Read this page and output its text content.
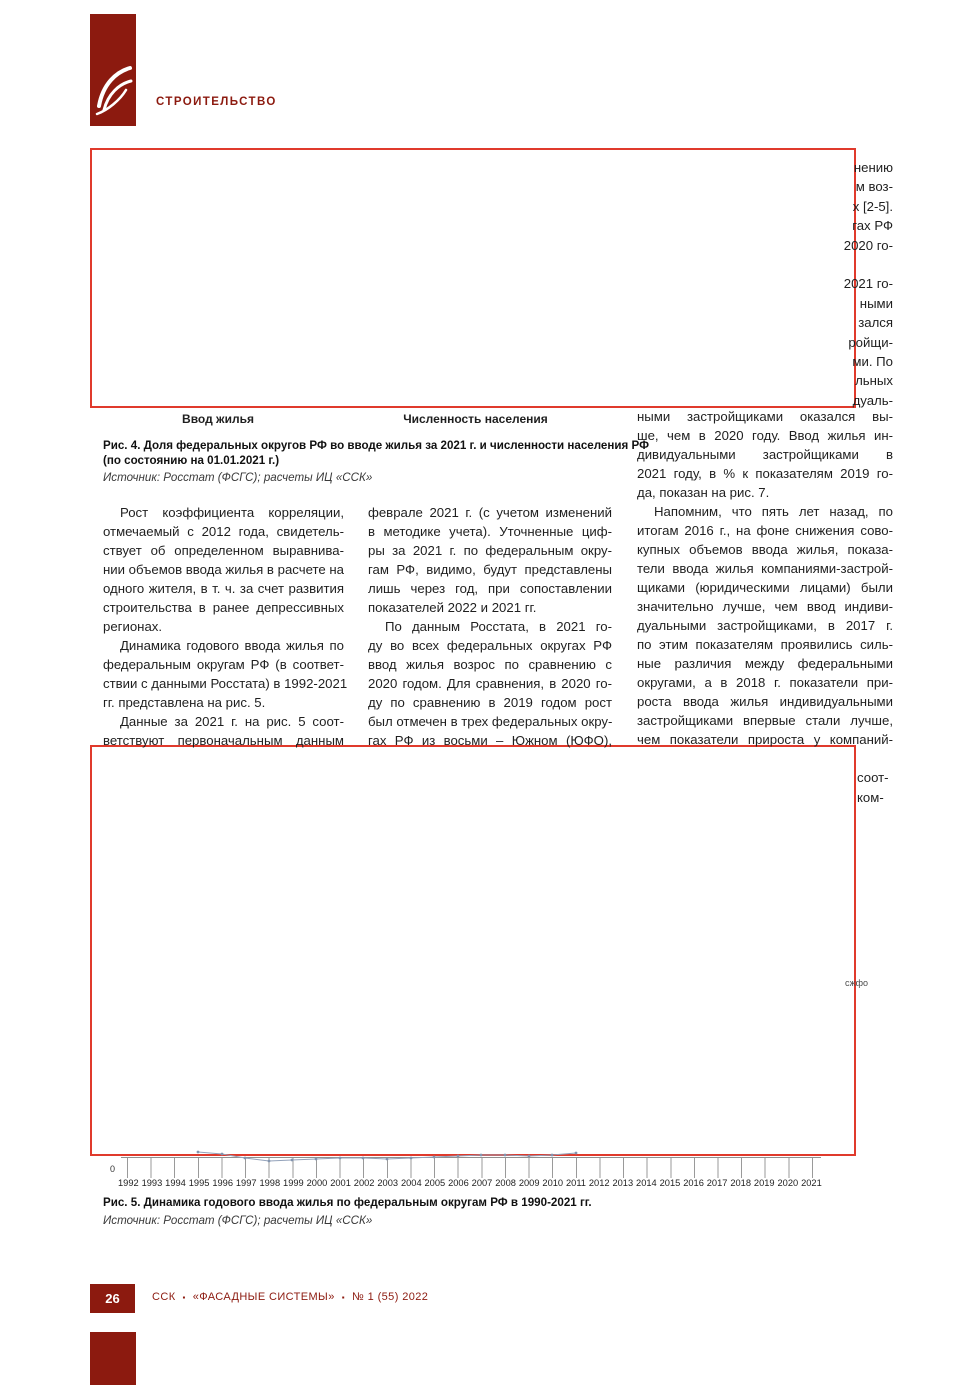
СТРОИТЕЛЬСТВО
нению
м воз-
х [2-5].
гах РФ
2020 го-

2021 го-
ными
зался
ройщи-
ми. По
льных
дуаль-
Ввод жилья	Численность населения
Рис. 4. Доля федеральных округов РФ во вводе жилья за 2021 г. и численности населения РФ
(по состоянию на 01.01.2021 г.)
Источник: Росстат (ФСГС); расчеты ИЦ «ССК»
Рост коэффициента корреляции,
отмечаемый с 2012 года, свидетель-
ствует об определенном выравнива-
нии объемов ввода жилья в расчете на
одного жителя, в т. ч. за счет развития
строительства в ранее депрессивных
регионах.
Динамика годового ввода жилья по
федеральным округам РФ (в соответ-
ствии с данными Росстата) в 1992-2021
гг. представлена на рис. 5.
Данные за 2021 г. на рис. 5 соот-
ветствуют первоначальным данным
феврале 2021 г. (с учетом изменений
в методике учета). Уточненные циф-
ры за 2021 г. по федеральным окру-
гам РФ, видимо, будут представлены
лишь через год, при сопоставлении
показателей 2022 и 2021 гг.
По данным Росстата, в 2021 го-
ду во всех федеральных округах РФ
ввод жилья возрос по сравнению с
2020 годом. Для сравнения, в 2020 го-
ду по сравнению в 2019 годом рост
был отмечен в трех федеральных окру-
гах РФ из восьми – Южном (ЮФО),
ными застройщиками оказался вы-
ше, чем в 2020 году. Ввод жилья ин-
дивидуальными застройщиками в
2021 году, в % к показателям 2019 го-
да, показан на рис. 7.
Напомним, что пять лет назад, по
итогам 2016 г., на фоне снижения сово-
купных объемов ввода жилья, показа-
тели ввода жилья компаниями-застрой-
щиками (юридическими лицами) были
значительно лучше, чем ввод индиви-
дуальными застройщиками, в 2017 г.
по этим показателям проявились силь-
ные различия между федеральными
округами, а в 2018 г. показатели при-
роста ввода жилья индивидуальными
застройщиками впервые стали лучше,
чем показатели прироста у компаний-
соот-
ком-
сжфо
0
1992 1993 1994 1995 1996 1997 1998 1999 2000 2001 2002 2003 2004 2005 2006 2007 2008 2009 2010 2011 2012 2013 2014 2015 2016 2017 2018 2019 2020 2021
Рис. 5. Динамика годового ввода жилья по федеральным округам РФ в 1990-2021 гг.
Источник: Росстат (ФСГС); расчеты ИЦ «ССК»
26	ССК ▪ «ФАСАДНЫЕ СИСТЕМЫ» ▪ № 1 (55) 2022
